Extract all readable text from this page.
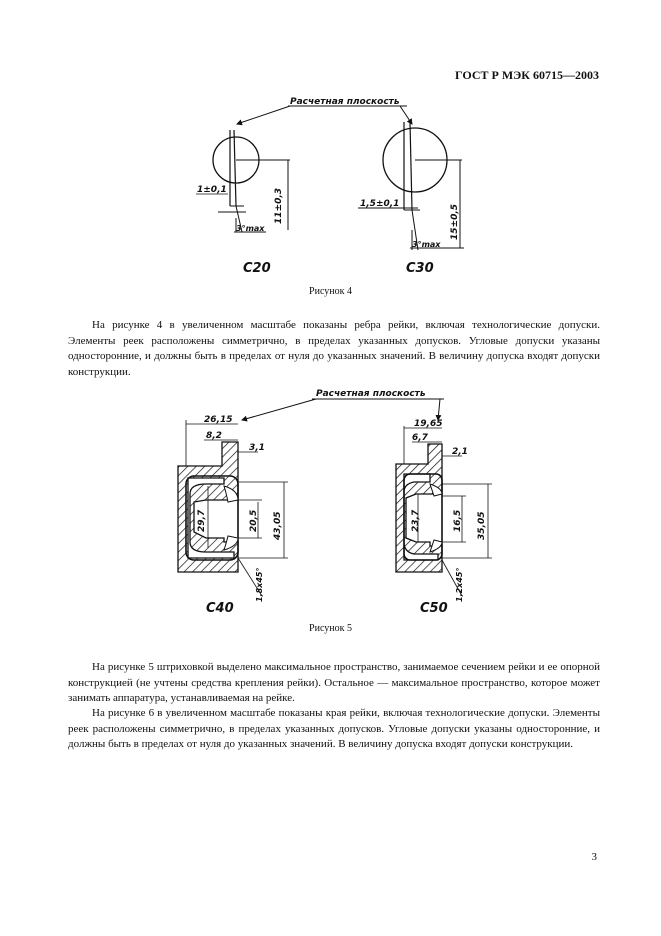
ГОСТ Р МЭК 60715—2003
Расчетная плоскость
1±0,1
3°max
11±0,3
C20
1,5±0,1
3°max
15±0,5
C30
Рисунок 4

На рисунке 4 в увеличенном масштабе показаны ребра рейки, включая технологические допуски. Элементы реек расположены симметрично, в пределах указанных допусков. Угловые допуски указаны односторонние, и должны быть в пределах от нуля до указанных значений. В величину допуска входят допуски конструкции.

Расчетная плоскость
26,15
8,2
3,1
29,7	20,5 43,05
1,8x45°
C40
19,65
6,7
2,1
23,7	16,5 35,05
1,2x45°
C50
Рисунок 5

На рисунке 5 штриховкой выделено максимальное пространство, занимаемое сечением рейки и ее опорной конструкцией (не учтены средства крепления рейки). Остальное — максимальное пространство, которое может занимать аппаратура, устанавливаемая на рейке.

На рисунке 6 в увеличенном масштабе показаны края рейки, включая технологические допуски. Элементы реек расположены симметрично, в пределах указанных допусков. Угловые допуски указаны односторонние, и должны быть в пределах от нуля до указанных значений. В величину допуска входят допуски конструкции.

3
